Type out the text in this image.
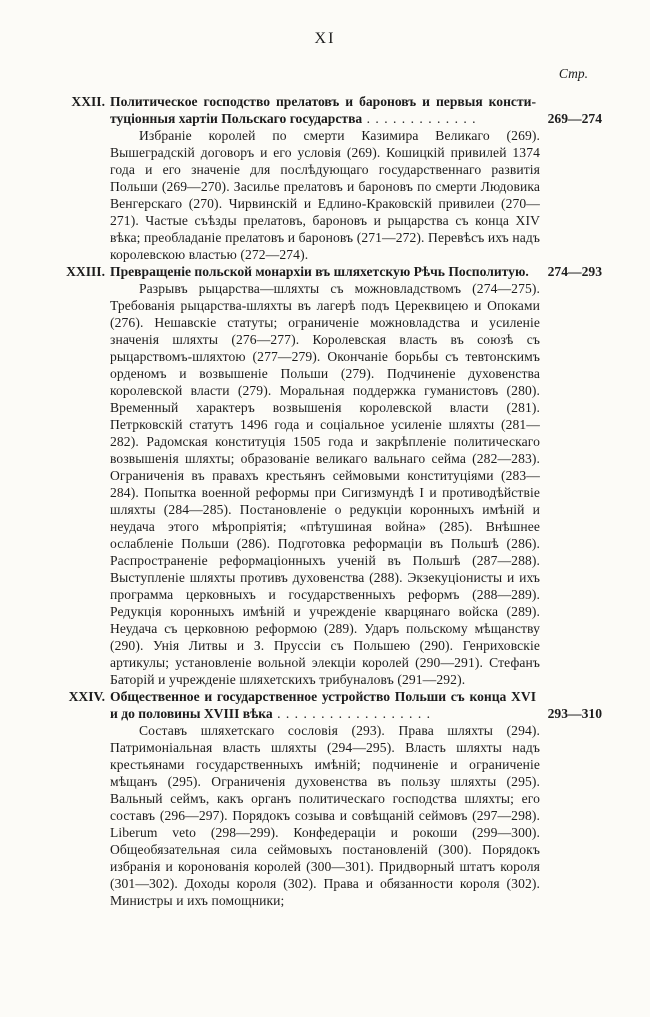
XI
Стр.
XXII. Политическое господство прелатовъ и бароновъ и первыя конституціонныя хартіи Польскаго государства . . . . . . . . . . . . .	269—274
Избраніе королей по смерти Казимира Великаго (269). Вышеградскій договоръ и его условія (269). Кошицкій привилей 1374 года и его значеніе для послѣдующаго государственнаго развитія Польши (269—270). Засилье прелатовъ и бароновъ по смерти Людовика Венгерскаго (270). Чирвинскій и Едлино-Краковскій привилеи (270—271). Частые съѣзды прелатовъ, бароновъ и рыцарства съ конца XIV вѣка; преобладаніе прелатовъ и бароновъ (271—272). Перевѣсъ ихъ надъ королевскою властью (272—274).
XXIII. Превращеніе польской монархіи въ шляхетскую Рѣчь Посполитую. 274—293
Разрывъ рыцарства—шляхты съ можновладствомъ (274—275). Требованія рыцарства-шляхты въ лагерѣ подъ Цереквицею и Опоками (276). Нешавскіе статуты; ограниченіе можновладства и усиленіе значенія шляхты (276—277). Королевская власть въ союзѣ съ рыцарствомъ-шляхтою (277—279). Окончаніе борьбы съ тевтонскимъ орденомъ и возвышеніе Польши (279). Подчиненіе духовенства королевской власти (279). Моральная поддержка гуманистовъ (280). Временный характеръ возвышенія королевской власти (281). Петрковскій статутъ 1496 года и соціальное усиленіе шляхты (281—282). Радомская конституція 1505 года и закрѣпленіе политическаго возвышенія шляхты; образованіе великаго вальнаго сейма (282—283). Ограниченія въ правахъ крестьянъ сеймовыми конституціями (283—284). Попытка военной реформы при Сигизмундѣ I и противодѣйствіе шляхты (284—285). Постановленіе о редукціи коронныхъ имѣній и неудача этого мѣропріятія; «пѣтушиная война» (285). Внѣшнее ослабленіе Польши (286). Подготовка реформаціи въ Польшѣ (286). Распространеніе реформаціонныхъ ученій въ Польшѣ (287—288). Выступленіе шляхты противъ духовенства (288). Экзекуціонисты и ихъ программа церковныхъ и государственныхъ реформъ (288—289). Редукція коронныхъ имѣній и учрежденіе кварцянаго войска (289). Неудача съ церковною реформою (289). Ударъ польскому мѣщанству (290). Унія Литвы и З. Пруссіи съ Польшею (290). Генриховскіе артикулы; установленіе вольной элекціи королей (290—291). Стефанъ Баторій и учрежденіе шляхетскихъ трибуналовъ (291—292).
XXIV. Общественное и государственное устройство Польши съ конца XVI и до половины XVIII вѣка . . . . . . . . . . . . . . . . . .	293—310
Составъ шляхетскаго сословія (293). Права шляхты (294). Патримоніальная власть шляхты (294—295). Власть шляхты надъ крестьянами государственныхъ имѣній; подчиненіе и ограниченіе мѣщанъ (295). Ограниченія духовенства въ пользу шляхты (295). Вальный сеймъ, какъ органъ политическаго господства шляхты; его составъ (296—297). Порядокъ созыва и совѣщаній сеймовъ (297—298). Liberum veto (298—299). Конфедераціи и рокоши (299—300). Общеобязательная сила сеймовыхъ постановленій (300). Порядокъ избранія и коронованія королей (300—301). Придворный штатъ короля (301—302). Доходы короля (302). Права и обязанности короля (302). Министры и ихъ помощники;
